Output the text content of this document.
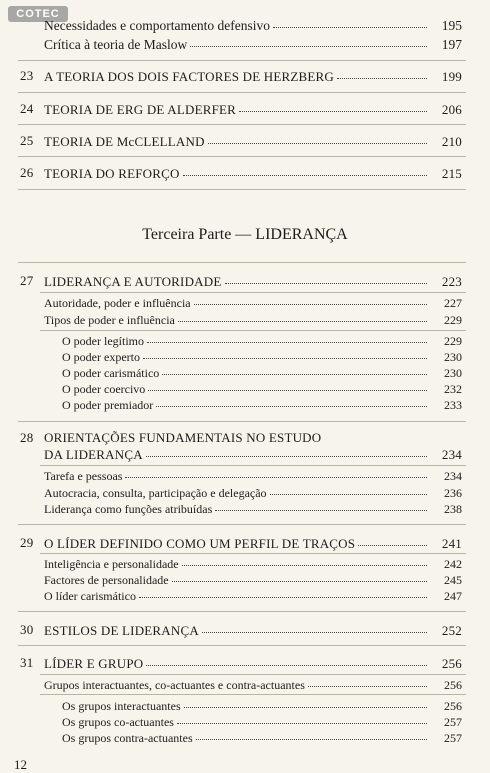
COTEC
Necessidades e comportamento defensivo	195
Crítica à teoria de Maslow	197
23 A TEORIA DOS DOIS FACTORES DE HERZBERG	199
24 TEORIA DE ERG DE ALDERFER	206
25 TEORIA DE McCLELLAND	210
26 TEORIA DO REFORÇO	215
Terceira Parte — LIDERANÇA
27 LIDERANÇA E AUTORIDADE	223
Autoridade, poder e influência	227
Tipos de poder e influência	229
O poder legítimo	229
O poder experto	230
O poder carismático	230
O poder coercivo	232
O poder premiador	233
28 ORIENTAÇÕES FUNDAMENTAIS NO ESTUDO
DA LIDERANÇA	234
Tarefa e pessoas	234
Autocracia, consulta, participação e delegação	236
Liderança como funções atribuídas	238
29 O LÍDER DEFINIDO COMO UM PERFIL DE TRAÇOS	241
Inteligência e personalidade	242
Factores de personalidade	245
O líder carismático	247
30 ESTILOS DE LIDERANÇA	252
31 LÍDER E GRUPO	256
Grupos interactuantes, co-actuantes e contra-actuantes	256
Os grupos interactuantes	256
Os grupos co-actuantes	257
Os grupos contra-actuantes	257
12
